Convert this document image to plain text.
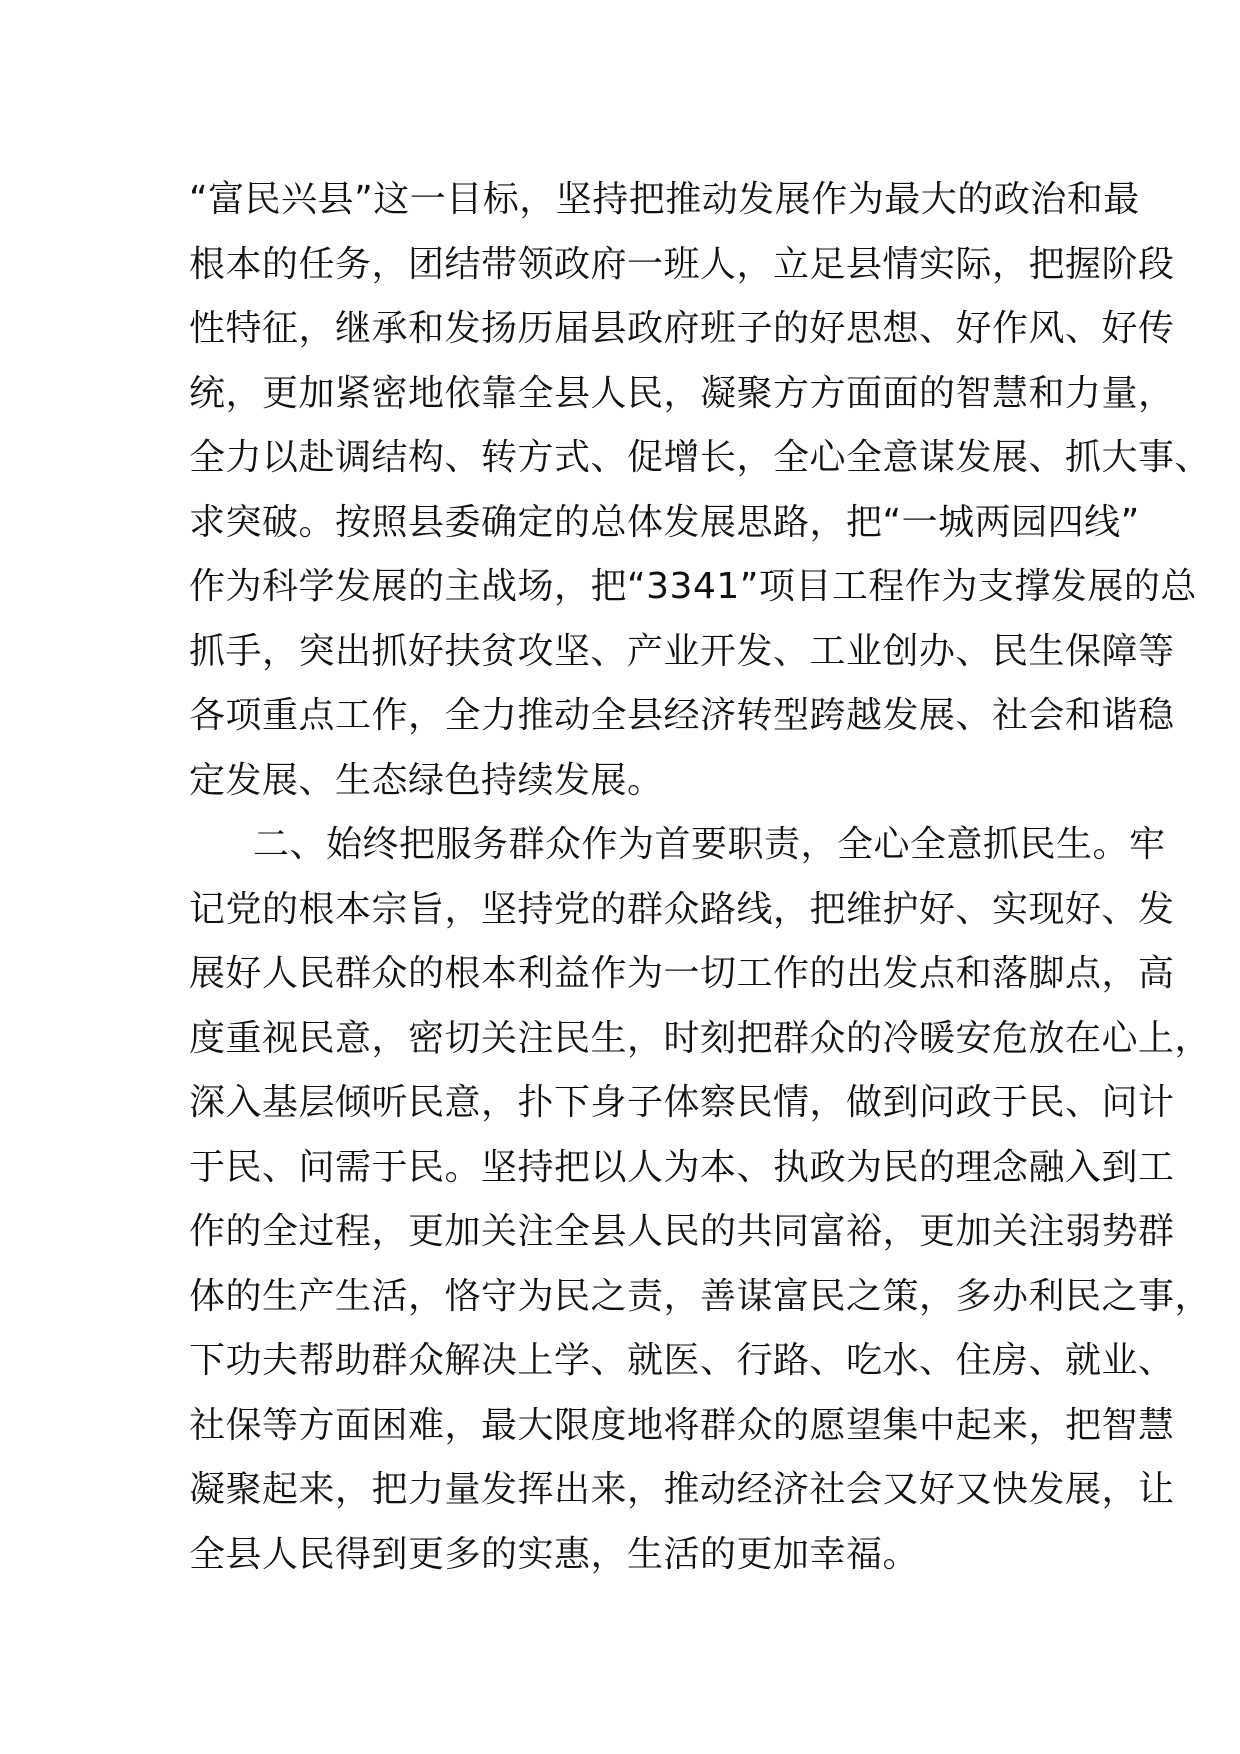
“富民兴县”这一目标，坚持把推动发展作为最大的政治和最
根本的任务，团结带领政府一班人，立足县情实际，把握阶段
性特征，继承和发扬历届县政府班子的好思想、好作风、好传
统，更加紧密地依靠全县人民，凝聚方方面面的智慧和力量，
全力以赴调结构、转方式、促增长，全心全意谋发展、抓大事、
求突破。按照县委确定的总体发展思路，把“一城两园四线”
作为科学发展的主战场，把“3341”项目工程作为支撑发展的总
抓手，突出抓好扶贫攻坚、产业开发、工业创办、民生保障等
各项重点工作，全力推动全县经济转型跨越发展、社会和谐稳
定发展、生态绿色持续发展。
二、始终把服务群众作为首要职责，全心全意抓民生。牢
记党的根本宗旨，坚持党的群众路线，把维护好、实现好、发
展好人民群众的根本利益作为一切工作的出发点和落脚点，高
度重视民意，密切关注民生，时刻把群众的冷暖安危放在心上，
深入基层倾听民意，扑下身子体察民情，做到问政于民、问计
于民、问需于民。坚持把以人为本、执政为民的理念融入到工
作的全过程，更加关注全县人民的共同富裕，更加关注弱势群
体的生产生活，恪守为民之责，善谋富民之策，多办利民之事，
下功夫帮助群众解决上学、就医、行路、吃水、住房、就业、
社保等方面困难，最大限度地将群众的愿望集中起来，把智慧
凝聚起来，把力量发挥出来，推动经济社会又好又快发展，让
全县人民得到更多的实惠，生活的更加幸福。
